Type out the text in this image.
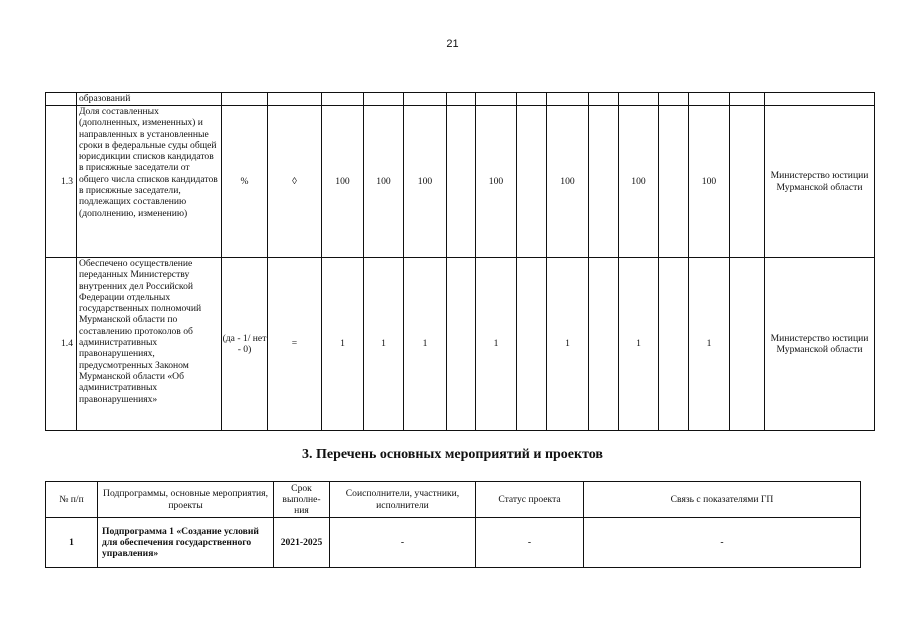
21
	образований															
1.3	Доля составленных (дополненных, измененных) и направленных в установленные сроки в федеральные суды общей юрисдикции списков кандидатов в присяжные заседатели от общего числа списков кандидатов в присяжные заседатели, подлежащих составлению (дополнению, изменению)	%	◊	100	100	100		100		100		100		100		Министерство юстиции Мурманской области
1.4	Обеспечено осуществление переданных Министерству внутренних дел Российской Федерации отдельных государственных полномочий Мурманской области по составлению протоколов об административных правонарушениях, предусмотренных Законом Мурманской области «Об административных правонарушениях»	(да - 1/ нет - 0)	=	1	1	1		1		1		1		1		Министерство юстиции Мурманской области
3. Перечень основных мероприятий и проектов
№ п/п	Подпрограммы, основные мероприятия, проекты	Срок выполне-ния	Соисполнители, участники, исполнители	Статус проекта	Связь с показателями ГП
1	Подпрограмма 1 «Создание условий для обеспечения государственного управления»	2021-2025	-	-	-
